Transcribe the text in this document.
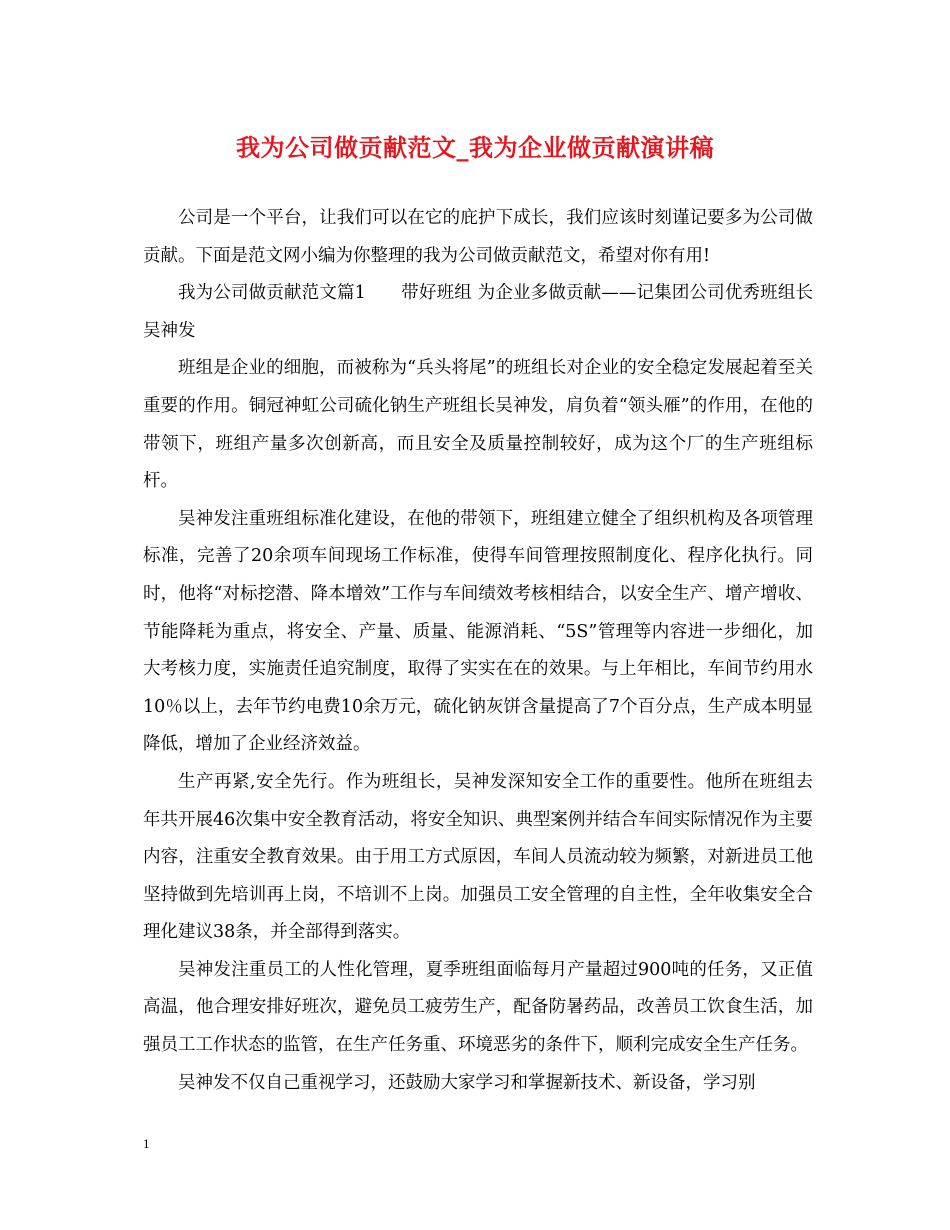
我为公司做贡献范文_我为企业做贡献演讲稿

公司是一个平台，让我们可以在它的庇护下成长，我们应该时刻谨记要多为公司做贡献。下面是范文网小编为你整理的我为公司做贡献范文，希望对你有用!

我为公司做贡献范文篇1　　带好班组 为企业多做贡献——记集团公司优秀班组长吴神发

班组是企业的细胞，而被称为“兵头将尾”的班组长对企业的安全稳定发展起着至关重要的作用。铜冠神虹公司硫化钠生产班组长吴神发，肩负着“领头雁”的作用，在他的带领下，班组产量多次创新高，而且安全及质量控制较好，成为这个厂的生产班组标杆。

吴神发注重班组标准化建设，在他的带领下，班组建立健全了组织机构及各项管理标准，完善了20余项车间现场工作标准，使得车间管理按照制度化、程序化执行。同时，他将“对标挖潜、降本增效”工作与车间绩效考核相结合，以安全生产、增产增收、节能降耗为重点，将安全、产量、质量、能源消耗、“5S”管理等内容进一步细化，加大考核力度，实施责任追究制度，取得了实实在在的效果。与上年相比，车间节约用水10％以上，去年节约电费10余万元，硫化钠灰饼含量提高了7个百分点，生产成本明显降低，增加了企业经济效益。

生产再紧,安全先行。作为班组长，吴神发深知安全工作的重要性。他所在班组去年共开展46次集中安全教育活动，将安全知识、典型案例并结合车间实际情况作为主要内容，注重安全教育效果。由于用工方式原因，车间人员流动较为频繁，对新进员工他坚持做到先培训再上岗，不培训不上岗。加强员工安全管理的自主性，全年收集安全合理化建议38条，并全部得到落实。

吴神发注重员工的人性化管理，夏季班组面临每月产量超过900吨的任务，又正值高温，他合理安排好班次，避免员工疲劳生产，配备防暑药品，改善员工饮食生活，加强员工工作状态的监管，在生产任务重、环境恶劣的条件下，顺利完成安全生产任务。

吴神发不仅自己重视学习，还鼓励大家学习和掌握新技术、新设备，学习别

1
